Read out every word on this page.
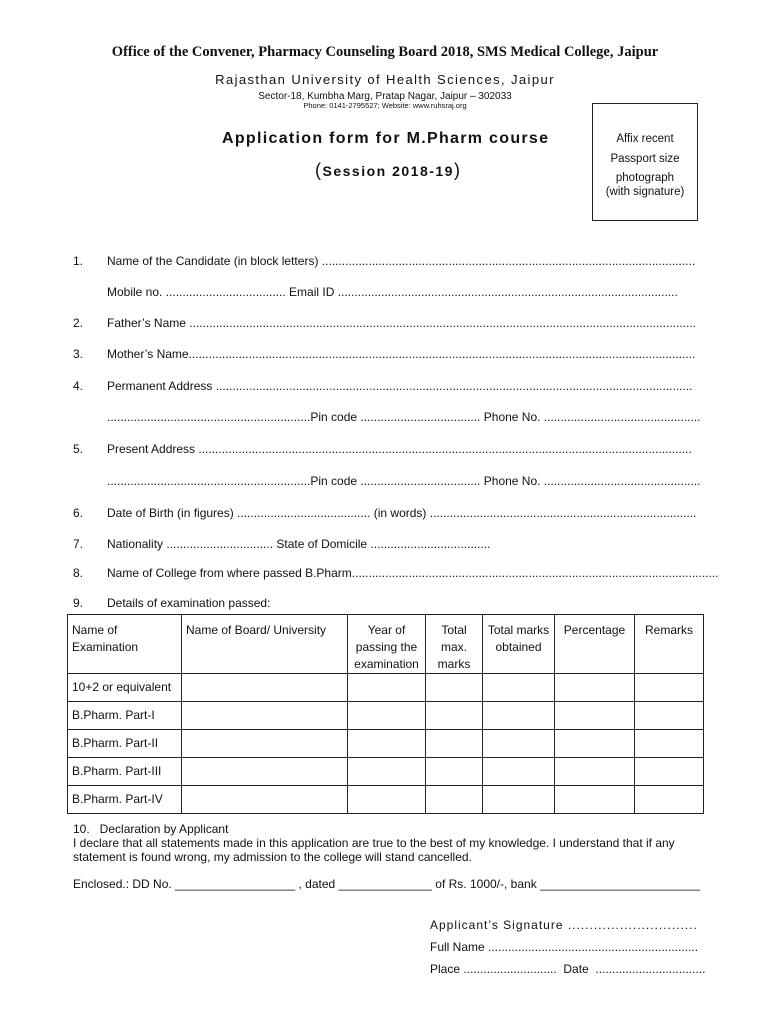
Office of the Convener, Pharmacy Counseling Board 2018, SMS Medical College, Jaipur
Rajasthan University of Health Sciences, Jaipur
Sector-18, Kumbha Marg, Pratap Nagar, Jaipur – 302033
Phone: 0141-2795527; Website: www.ruhsraj.org
Application form for M.Pharm course
(Session 2018-19)
Affix recent
Passport size
photograph
(with signature)
1. Name of the Candidate (in block letters) ................................................................................................................
Mobile no. .................................... Email ID ......................................................................................................
2. Father’s Name ........................................................................................................................................................
3. Mother’s Name........................................................................................................................................................
4. Permanent Address ...............................................................................................................................................
.............................................................Pin code .................................... Phone No. ...............................................
5. Present Address ....................................................................................................................................................
.............................................................Pin code .................................... Phone No. ...............................................
6. Date of Birth (in figures) ........................................ (in words) ................................................................................
7. Nationality ................................ State of Domicile ....................................
8. Name of College from where passed B.Pharm..............................................................................................................
9. Details of examination passed:
Name of Examination	Name of Board/ University	Year of passing the examination	Total max. marks	Total marks obtained	Percentage	Remarks
10+2 or equivalent						
B.Pharm. Part-I						
B.Pharm. Part-II						
B.Pharm. Part-III						
B.Pharm. Part-IV						
10.   Declaration by Applicant
I declare that all statements made in this application are true to the best of my knowledge. I understand that if any statement is found wrong, my admission to the college will stand cancelled.
Enclosed.: DD No. __________________ , dated ______________ of Rs. 1000/-, bank ________________________
Applicant’s Signature ..............................
Full Name ...............................................................
Place ............................  Date  .................................
